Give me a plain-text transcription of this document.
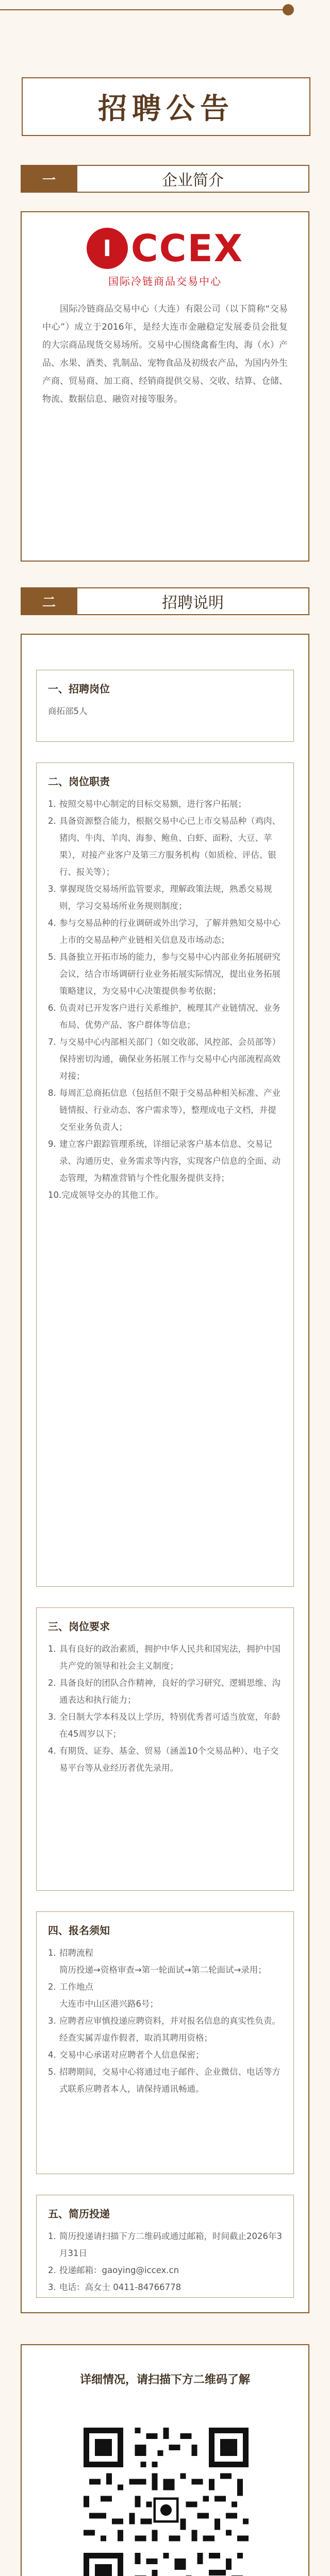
招聘公告
一	企业简介
I CCEX
国际冷链商品交易中心
国际冷链商品交易中心（大连）有限公司（以下简称“交易中心”）成立于2016年，是经大连市金融稳定发展委员会批复的大宗商品现货交易场所。交易中心围绕禽畜生肉、海（水）产品、水果、酒类、乳制品、宠物食品及初级农产品，为国内外生产商、贸易商、加工商、经销商提供交易、交收、结算、仓储、物流、数据信息、融资对接等服务。
二	招聘说明
一、招聘岗位
商拓部5人
二、岗位职责
1. 按照交易中心制定的目标交易额，进行客户拓展；
2. 具备资源整合能力，根据交易中心已上市交易品种（鸡肉、猪肉、牛肉、羊肉、海参、鲍鱼、白虾、面粉、大豆、苹果），对接产业客户及第三方服务机构（如质检、评估、银行、报关等）；
3. 掌握现货交易场所监管要求，理解政策法规，熟悉交易规则，学习交易场所业务规则制度；
4. 参与交易品种的行业调研或外出学习，了解并熟知交易中心上市的交易品种产业链相关信息及市场动态；
5. 具备独立开拓市场的能力，参与交易中心内部业务拓展研究会议，结合市场调研行业业务拓展实际情况，提出业务拓展策略建议，为交易中心决策提供参考依据；
6. 负责对已开发客户进行关系维护，梳理其产业链情况、业务布局、优势产品、客户群体等信息；
7. 与交易中心内部相关部门（如交收部、风控部、会员部等）保持密切沟通，确保业务拓展工作与交易中心内部流程高效对接；
8. 每周汇总商拓信息（包括但不限于交易品种相关标准、产业链情报、行业动态、客户需求等），整理成电子文档，并提交至业务负责人；
9. 建立客户跟踪管理系统，详细记录客户基本信息、交易记录、沟通历史、业务需求等内容，实现客户信息的全面、动态管理，为精准营销与个性化服务提供支持；
10. 完成领导交办的其他工作。
三、岗位要求
1. 具有良好的政治素质，拥护中华人民共和国宪法，拥护中国共产党的领导和社会主义制度；
2. 具备良好的团队合作精神，良好的学习研究、逻辑思维、沟通表达和执行能力；
3. 全日制大学本科及以上学历，特别优秀者可适当放宽，年龄在45周岁以下；
4. 有期货、证券、基金、贸易（涵盖10个交易品种）、电子交易平台等从业经历者优先录用。
四、报名须知
1. 招聘流程
简历投递→资格审查→第一轮面试→第二轮面试→录用；
2. 工作地点
大连市中山区港兴路6号；
3. 应聘者应审慎投递应聘资料，并对报名信息的真实性负责。经查实属弄虚作假者，取消其聘用资格；
4. 交易中心承诺对应聘者个人信息保密；
5. 招聘期间，交易中心将通过电子邮件、企业微信、电话等方式联系应聘者本人，请保持通讯畅通。
五、简历投递
1. 简历投递请扫描下方二维码或通过邮箱，时间截止2026年3月31日
2. 投递邮箱：gaoying@iccex.cn
3. 电话：高女士 0411-84766778
详细情况，请扫描下方二维码了解
